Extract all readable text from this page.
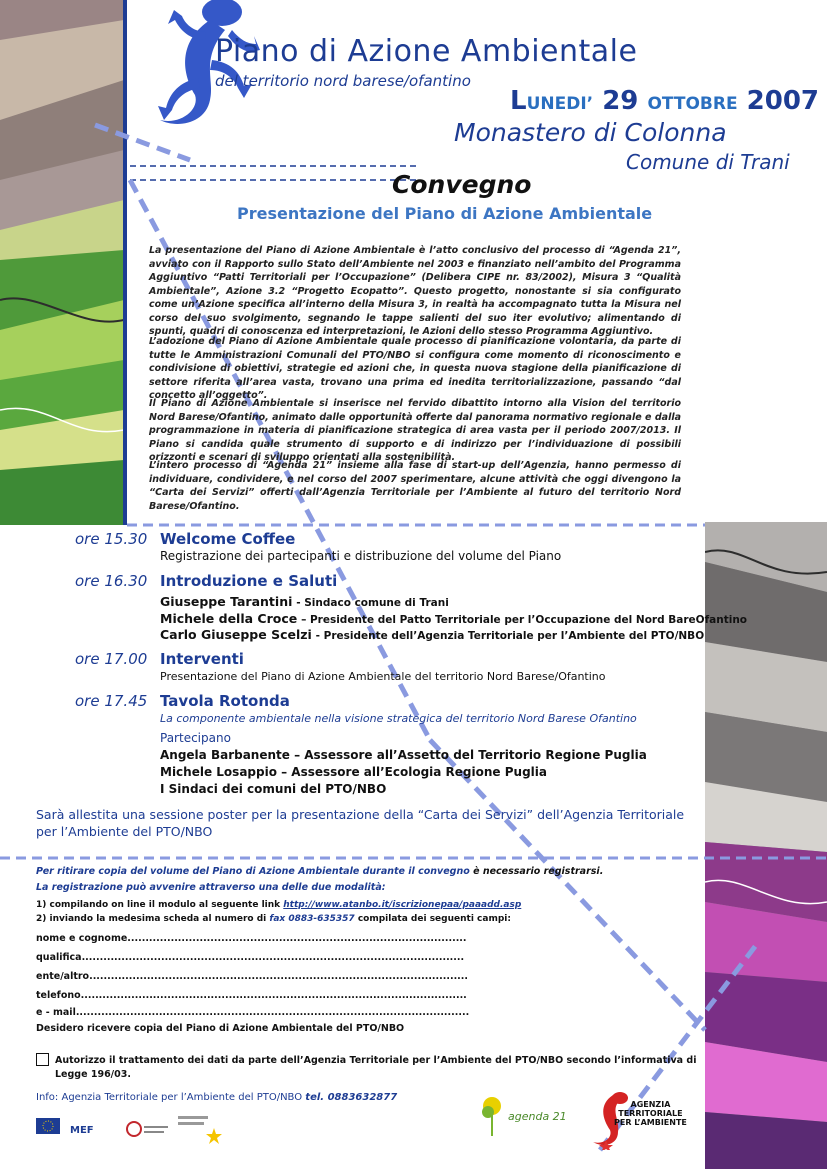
Piano di Azione Ambientale
del territorio nord barese/ofantino
LUNEDI’ 29 OTTOBRE 2007
Monastero di Colonna
Comune di Trani
Convegno
Presentazione del Piano di Azione Ambientale

La presentazione del Piano di Azione Ambientale è l’atto conclusivo del processo di “Agenda 21”, avviato con il Rapporto sullo Stato dell’Ambiente nel 2003 e finanziato nell’ambito del Programma Aggiuntivo “Patti Territoriali per l’Occupazione” (Delibera CIPE nr. 83/2002), Misura 3 “Qualità Ambientale”, Azione 3.2 “Progetto Ecopatto”. Questo progetto, nonostante si sia configurato come un’Azione specifica all’interno della Misura 3, in realtà ha accompagnato tutta la Misura nel corso del suo svolgimento, segnando le tappe salienti del suo iter evolutivo; alimentando di spunti, quadri di conoscenza ed interpretazioni, le Azioni dello stesso Programma Aggiuntivo.

L’adozione del Piano di Azione Ambientale quale processo di pianificazione volontaria, da parte di tutte le Amministrazioni Comunali del PTO/NBO si configura come momento di riconoscimento e condivisione di obiettivi, strategie ed azioni che, in questa nuova stagione della pianificazione di settore riferita all’area vasta, trovano una prima ed inedita territorializzazione, passando “dal concetto all’oggetto”.

Il Piano di Azione Ambientale si inserisce nel fervido dibattito intorno alla Vision del territorio Nord Barese/Ofantino, animato dalle opportunità offerte dal panorama normativo regionale e dalla programmazione in materia di pianificazione strategica di area vasta per il periodo 2007/2013. Il Piano si candida quale strumento di supporto e di indirizzo per l’individuazione di possibili orizzonti e scenari di sviluppo orientati alla sostenibilità.

L’intero processo di “Agenda 21” insieme alla fase di start-up dell’Agenzia, hanno permesso di individuare, condividere, e nel corso del 2007 sperimentare, alcune attività che oggi divengono la “Carta dei Servizi” offerti dall’Agenzia Territoriale per l’Ambiente al futuro del territorio Nord Barese/Ofantino.

ore 15.30 Welcome Coffee
Registrazione dei partecipanti e distribuzione del volume del Piano
ore 16.30 Introduzione e Saluti
Giuseppe Tarantini - Sindaco comune di Trani
Michele della Croce – Presidente del Patto Territoriale per l’Occupazione del Nord BareOfantino
Carlo Giuseppe Scelzi - Presidente dell’Agenzia Territoriale per l’Ambiente del PTO/NBO
ore 17.00 Interventi
Presentazione del Piano di Azione Ambientale del territorio Nord Barese/Ofantino
ore 17.45 Tavola Rotonda
La componente ambientale nella visione strategica del territorio Nord Barese Ofantino
Partecipano
Angela Barbanente – Assessore all’Assetto del Territorio Regione Puglia
Michele Losappio – Assessore all’Ecologia Regione Puglia
I Sindaci dei comuni del PTO/NBO

Sarà allestita una sessione poster per la presentazione della “Carta dei Servizi” dell’Agenzia Territoriale per l’Ambiente del PTO/NBO

Per ritirare copia del volume del Piano di Azione Ambientale durante il convegno è necessario registrarsi.
La registrazione può avvenire attraverso una delle due modalità:
1) compilando on line il modulo al seguente link http://www.atanbo.it/iscrizionepaa/paaadd.asp
2) inviando la medesima scheda al numero di fax 0883-635357 compilata dei seguenti campi:
nome e cognome..............................................................................................
qualifica..........................................................................................................
ente/altro.........................................................................................................
telefono...........................................................................................................
e - mail.............................................................................................................
Desidero ricevere copia del Piano di Azione Ambientale del PTO/NBO

Autorizzo il trattamento dei dati da parte dell’Agenzia Territoriale per l’Ambiente del PTO/NBO secondo l’informativa di Legge 196/03.

Info: Agenzia Territoriale per l’Ambiente del PTO/NBO tel. 0883632877
MEF
agenda 21
AGENZIA
TERRITORIALE
PER L’AMBIENTE
